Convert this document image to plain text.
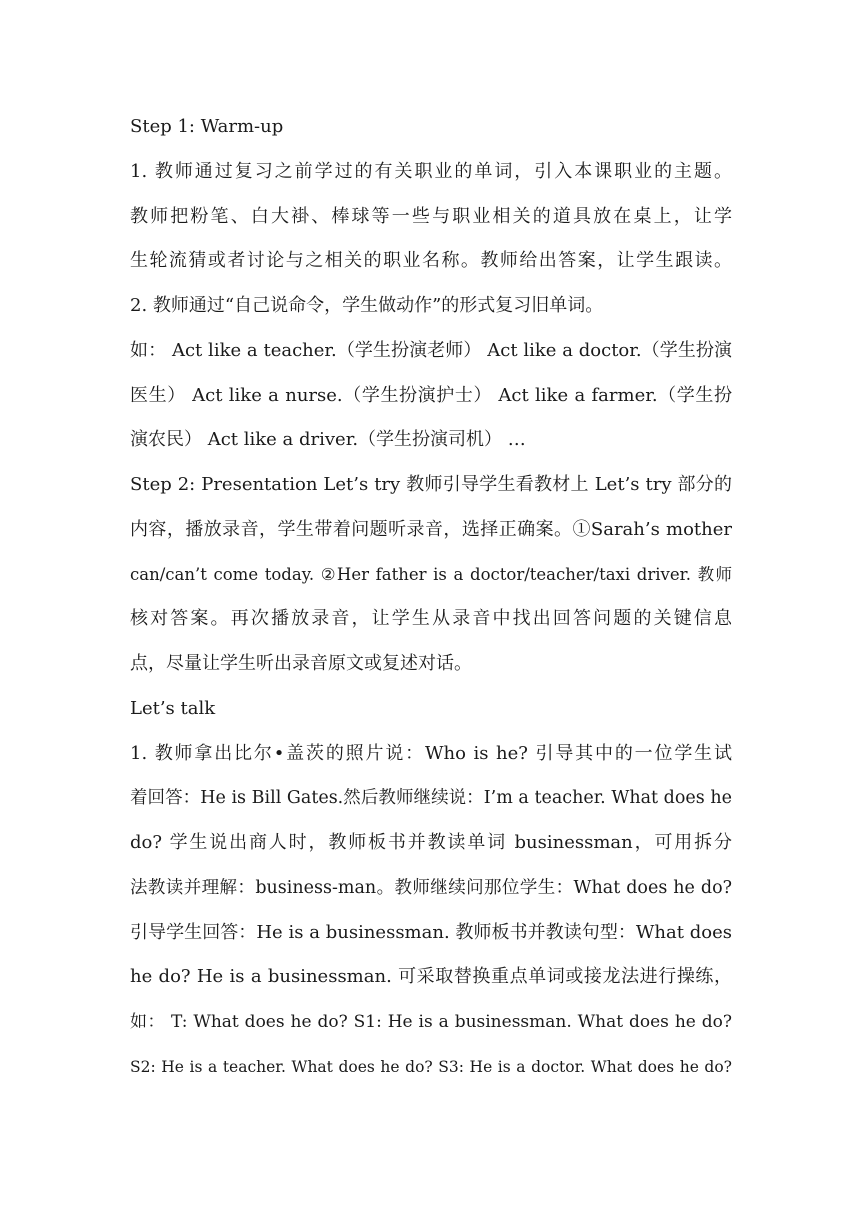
Step 1: Warm-up
1. 教师通过复习之前学过的有关职业的单词，引入本课职业的主题。
教师把粉笔、白大褂、棒球等一些与职业相关的道具放在桌上，让学
生轮流猜或者讨论与之相关的职业名称。教师给出答案，让学生跟读。
2. 教师通过“自己说命令，学生做动作”的形式复习旧单词。
如： Act like a teacher.（学生扮演老师） Act like a doctor.（学生扮演
医生） Act like a nurse.（学生扮演护士） Act like a farmer.（学生扮
演农民） Act like a driver.（学生扮演司机） …
Step 2: Presentation Let’s try 教师引导学生看教材上 Let’s try 部分的
内容，播放录音，学生带着问题听录音，选择正确案。①Sarah’s mother
can/can’t come today. ②Her father is a doctor/teacher/taxi driver. 教师
核对答案。再次播放录音，让学生从录音中找出回答问题的关键信息
点，尽量让学生听出录音原文或复述对话。
Let’s talk
1. 教师拿出比尔•盖茨的照片说：Who is he? 引导其中的一位学生试
着回答：He is Bill Gates.然后教师继续说：I’m a teacher. What does he
do? 学生说出商人时，教师板书并教读单词 businessman，可用拆分
法教读并理解：business-man。教师继续问那位学生：What does he do?
引导学生回答：He is a businessman. 教师板书并教读句型：What does
he do? He is a businessman. 可采取替换重点单词或接龙法进行操练，
如： T: What does he do? S1: He is a businessman. What does he do?
S2: He is a teacher. What does he do? S3: He is a doctor. What does he do?
